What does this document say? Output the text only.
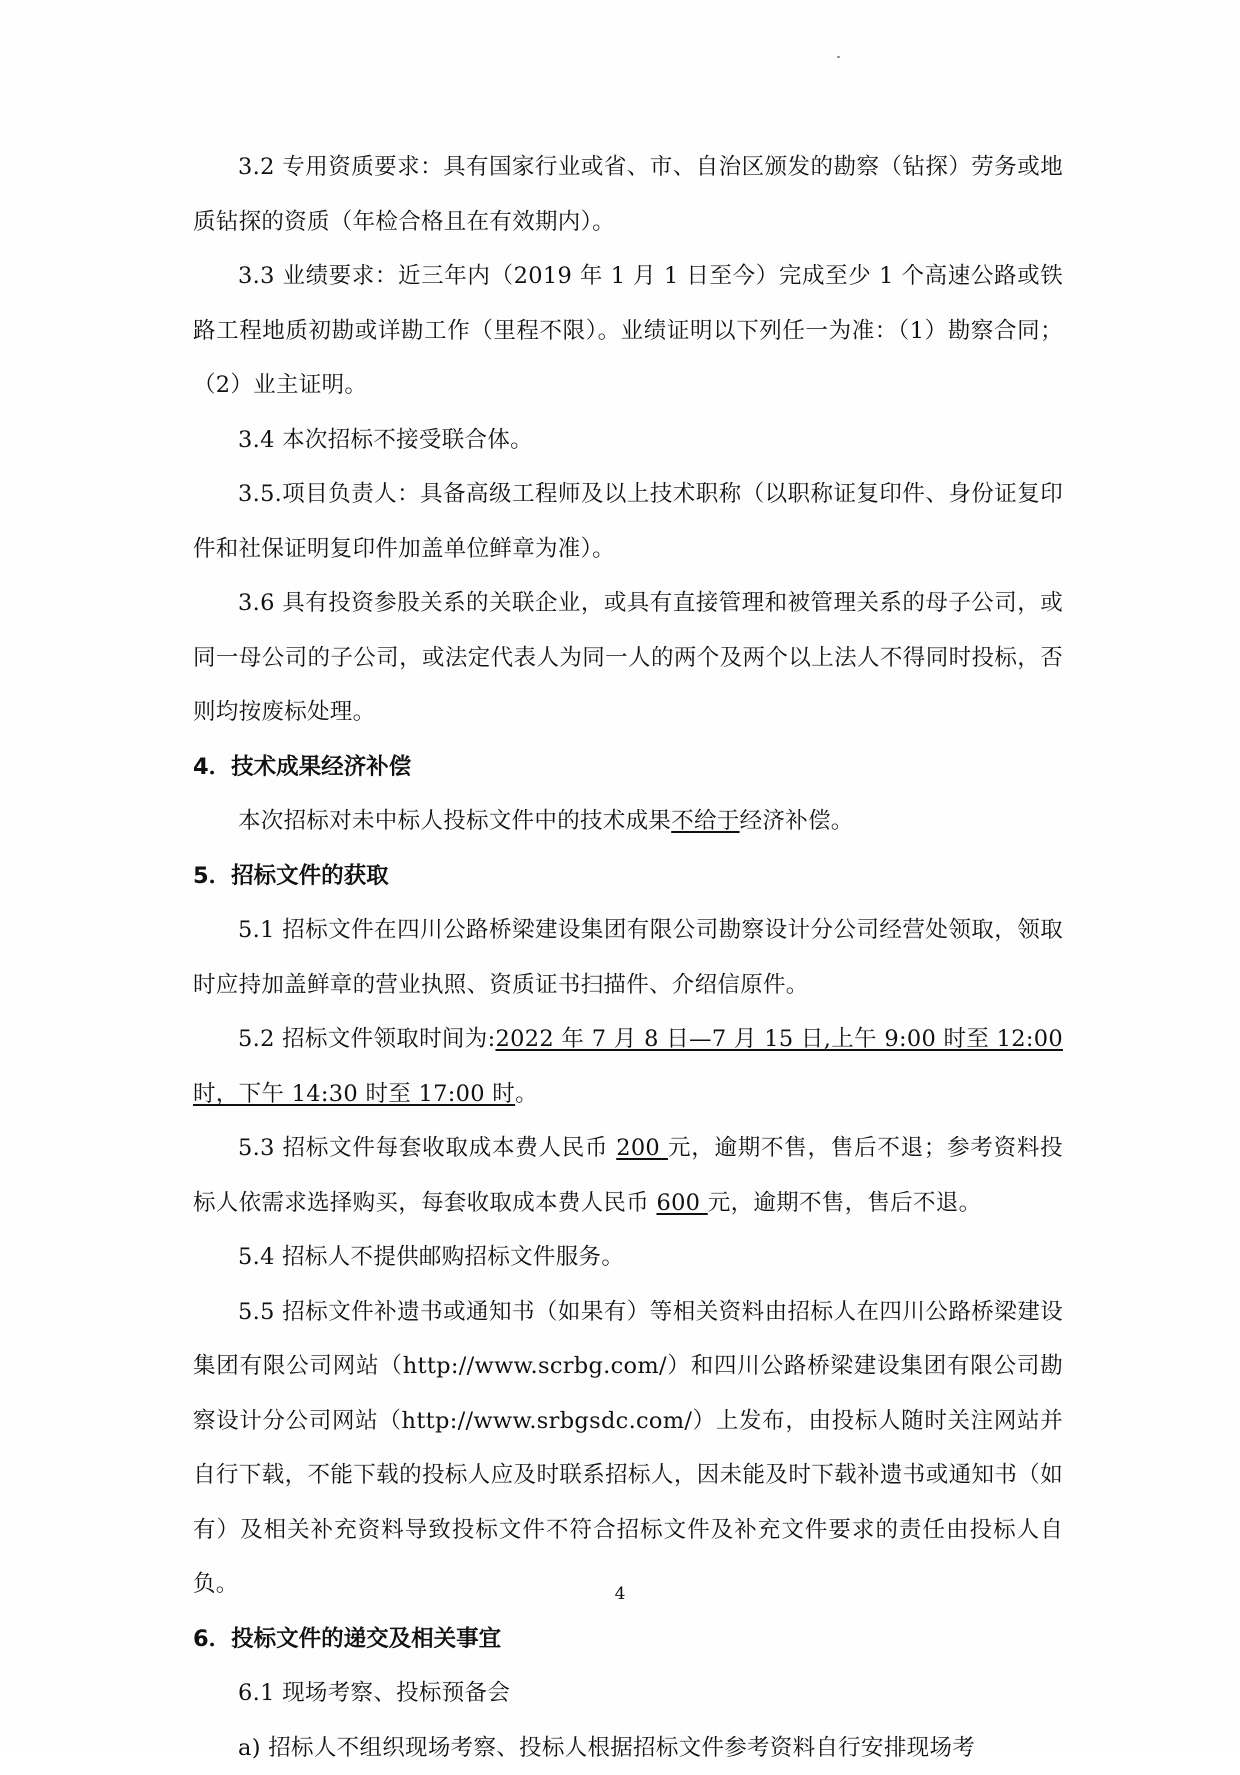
3.2 专用资质要求：具有国家行业或省、市、自治区颁发的勘察（钻探）劳务或地质钻探的资质（年检合格且在有效期内）。

3.3 业绩要求：近三年内（2019 年 1 月 1 日至今）完成至少 1 个高速公路或铁路工程地质初勘或详勘工作（里程不限）。业绩证明以下列任一为准：（1）勘察合同；（2）业主证明。

3.4 本次招标不接受联合体。

3.5.项目负责人：具备高级工程师及以上技术职称（以职称证复印件、身份证复印件和社保证明复印件加盖单位鲜章为准）。

3.6 具有投资参股关系的关联企业，或具有直接管理和被管理关系的母子公司，或同一母公司的子公司，或法定代表人为同一人的两个及两个以上法人不得同时投标，否则均按废标处理。

4．技术成果经济补偿

本次招标对未中标人投标文件中的技术成果不给于经济补偿。

5．招标文件的获取

5.1 招标文件在四川公路桥梁建设集团有限公司勘察设计分公司经营处领取，领取时应持加盖鲜章的营业执照、资质证书扫描件、介绍信原件。

5.2 招标文件领取时间为:2022 年 7 月 8 日—7 月 15 日,上午 9:00 时至 12:00 时，下午 14:30 时至 17:00 时。

5.3 招标文件每套收取成本费人民币 200 元，逾期不售，售后不退；参考资料投标人依需求选择购买，每套收取成本费人民币 600 元，逾期不售，售后不退。

5.4 招标人不提供邮购招标文件服务。

5.5 招标文件补遗书或通知书（如果有）等相关资料由招标人在四川公路桥梁建设集团有限公司网站（http://www.scrbg.com/）和四川公路桥梁建设集团有限公司勘察设计分公司网站（http://www.srbgsdc.com/）上发布，由投标人随时关注网站并自行下载，不能下载的投标人应及时联系招标人，因未能及时下载补遗书或通知书（如有）及相关补充资料导致投标文件不符合招标文件及补充文件要求的责任由投标人自负。

6．投标文件的递交及相关事宜

6.1 现场考察、投标预备会

a) 招标人不组织现场考察、投标人根据招标文件参考资料自行安排现场考

4
